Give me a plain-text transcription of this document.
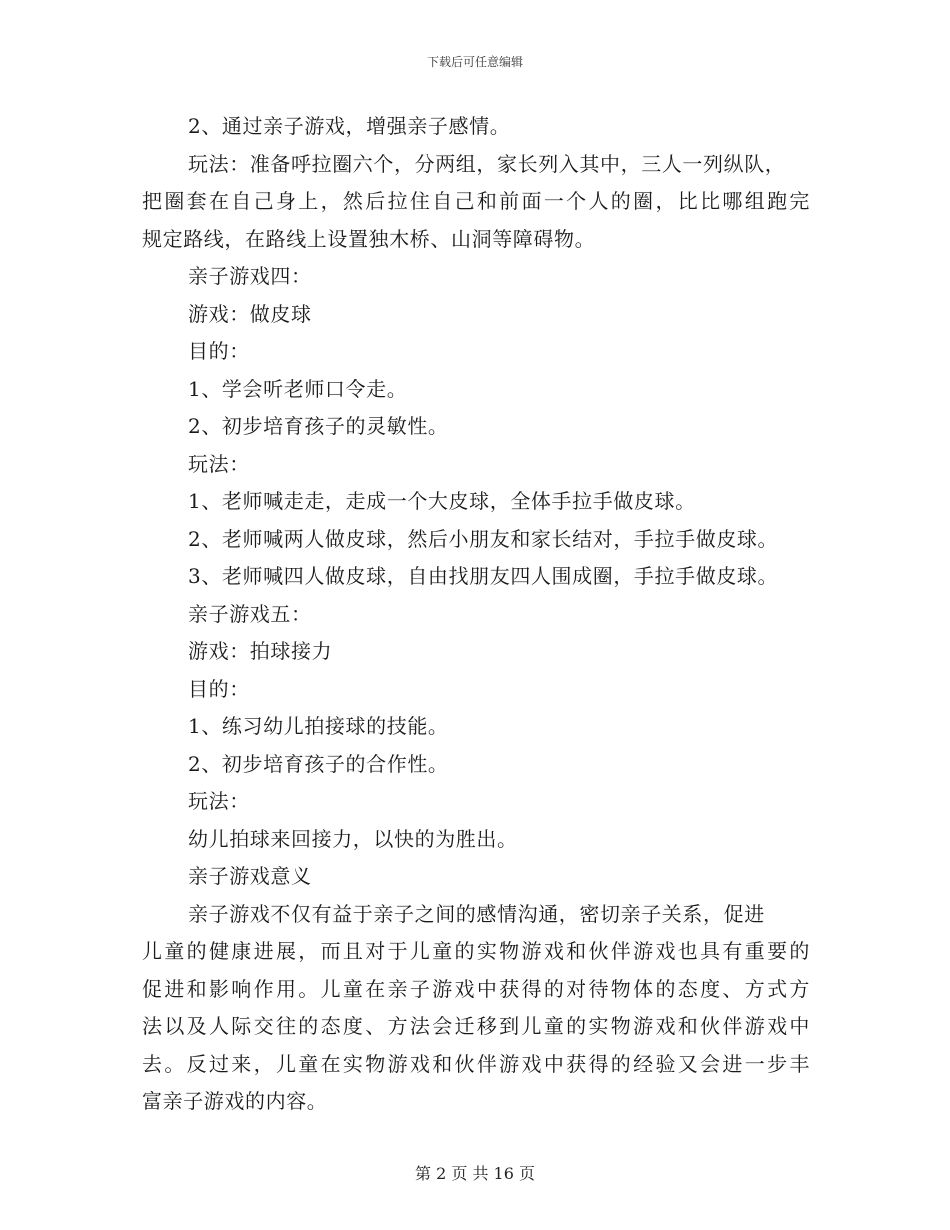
下载后可任意编辑
2、通过亲子游戏，增强亲子感情。
玩法：准备呼拉圈六个，分两组，家长列入其中，三人一列纵队，
把圈套在自己身上，然后拉住自己和前面一个人的圈，比比哪组跑完
规定路线，在路线上设置独木桥、山洞等障碍物。
亲子游戏四：
游戏：做皮球
目的：
1、学会听老师口令走。
2、初步培育孩子的灵敏性。
玩法：
1、老师喊走走，走成一个大皮球，全体手拉手做皮球。
2、老师喊两人做皮球，然后小朋友和家长结对，手拉手做皮球。
3、老师喊四人做皮球，自由找朋友四人围成圈，手拉手做皮球。
亲子游戏五：
游戏：拍球接力
目的：
1、练习幼儿拍接球的技能。
2、初步培育孩子的合作性。
玩法：
幼儿拍球来回接力，以快的为胜出。
亲子游戏意义
亲子游戏不仅有益于亲子之间的感情沟通，密切亲子关系，促进
儿童的健康进展，而且对于儿童的实物游戏和伙伴游戏也具有重要的
促进和影响作用。儿童在亲子游戏中获得的对待物体的态度、方式方
法以及人际交往的态度、方法会迁移到儿童的实物游戏和伙伴游戏中
去。反过来，儿童在实物游戏和伙伴游戏中获得的经验又会进一步丰
富亲子游戏的内容。
第 2 页 共 16 页
